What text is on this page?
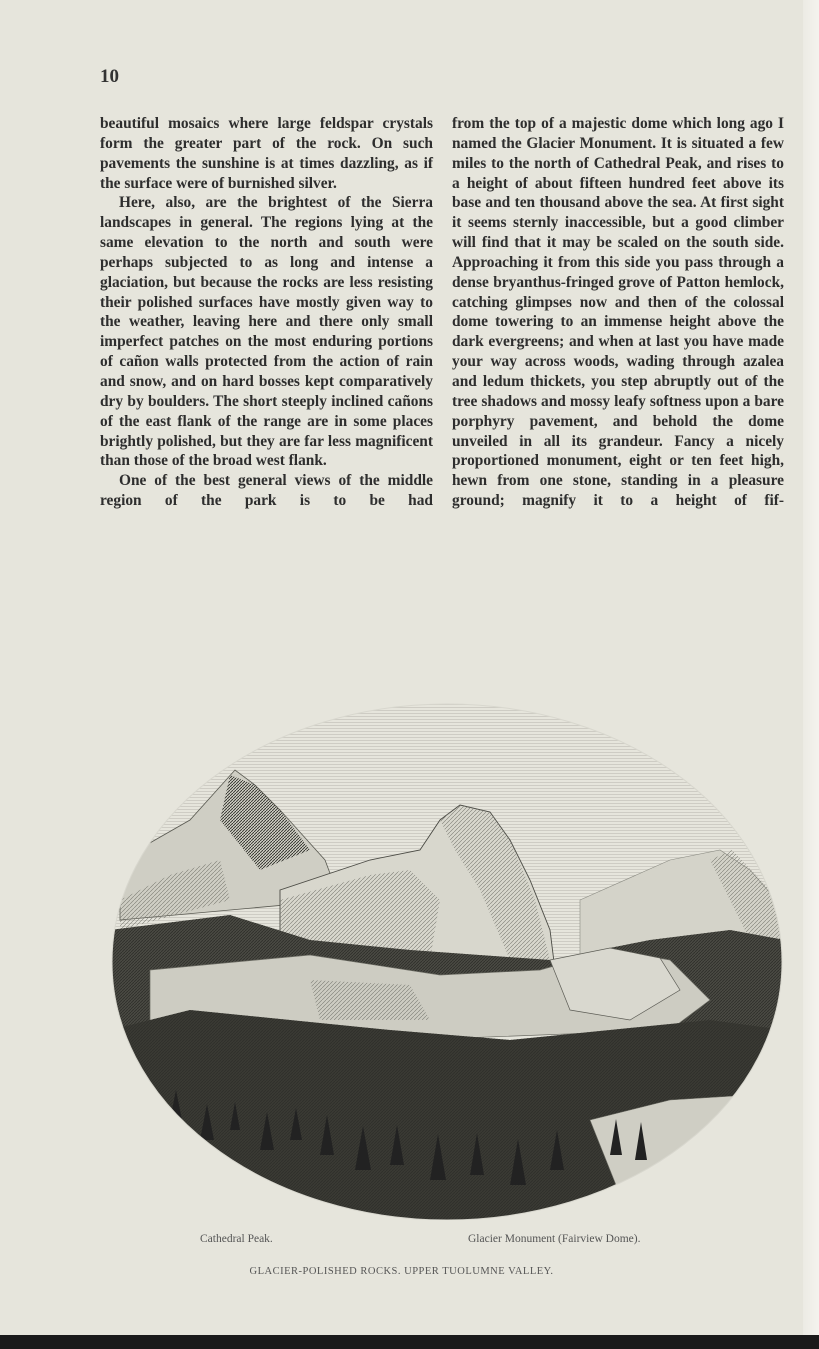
10

beautiful mosaics where large feldspar crystals form the greater part of the rock. On such pavements the sunshine is at times dazzling, as if the surface were of burnished silver.

Here, also, are the brightest of the Sierra landscapes in general. The regions lying at the same elevation to the north and south were perhaps subjected to as long and intense a glaciation, but because the rocks are less resisting their polished surfaces have mostly given way to the weather, leaving here and there only small imperfect patches on the most enduring portions of cañon walls protected from the action of rain and snow, and on hard bosses kept comparatively dry by boulders. The short steeply inclined cañons of the east flank of the range are in some places brightly polished, but they are far less magnificent than those of the broad west flank.

One of the best general views of the middle region of the park is to be had

from the top of a majestic dome which long ago I named the Glacier Monument. It is situated a few miles to the north of Cathedral Peak, and rises to a height of about fifteen hundred feet above its base and ten thousand above the sea. At first sight it seems sternly inaccessible, but a good climber will find that it may be scaled on the south side. Approaching it from this side you pass through a dense bryanthus-fringed grove of Patton hemlock, catching glimpses now and then of the colossal dome towering to an immense height above the dark evergreens; and when at last you have made your way across woods, wading through azalea and ledum thickets, you step abruptly out of the tree shadows and mossy leafy softness upon a bare porphyry pavement, and behold the dome unveiled in all its grandeur. Fancy a nicely proportioned monument, eight or ten feet high, hewn from one stone, standing in a pleasure ground; magnify it to a height of fif-

Cathedral Peak.	Glacier Monument (Fairview Dome).
GLACIER-POLISHED ROCKS. UPPER TUOLUMNE VALLEY.
